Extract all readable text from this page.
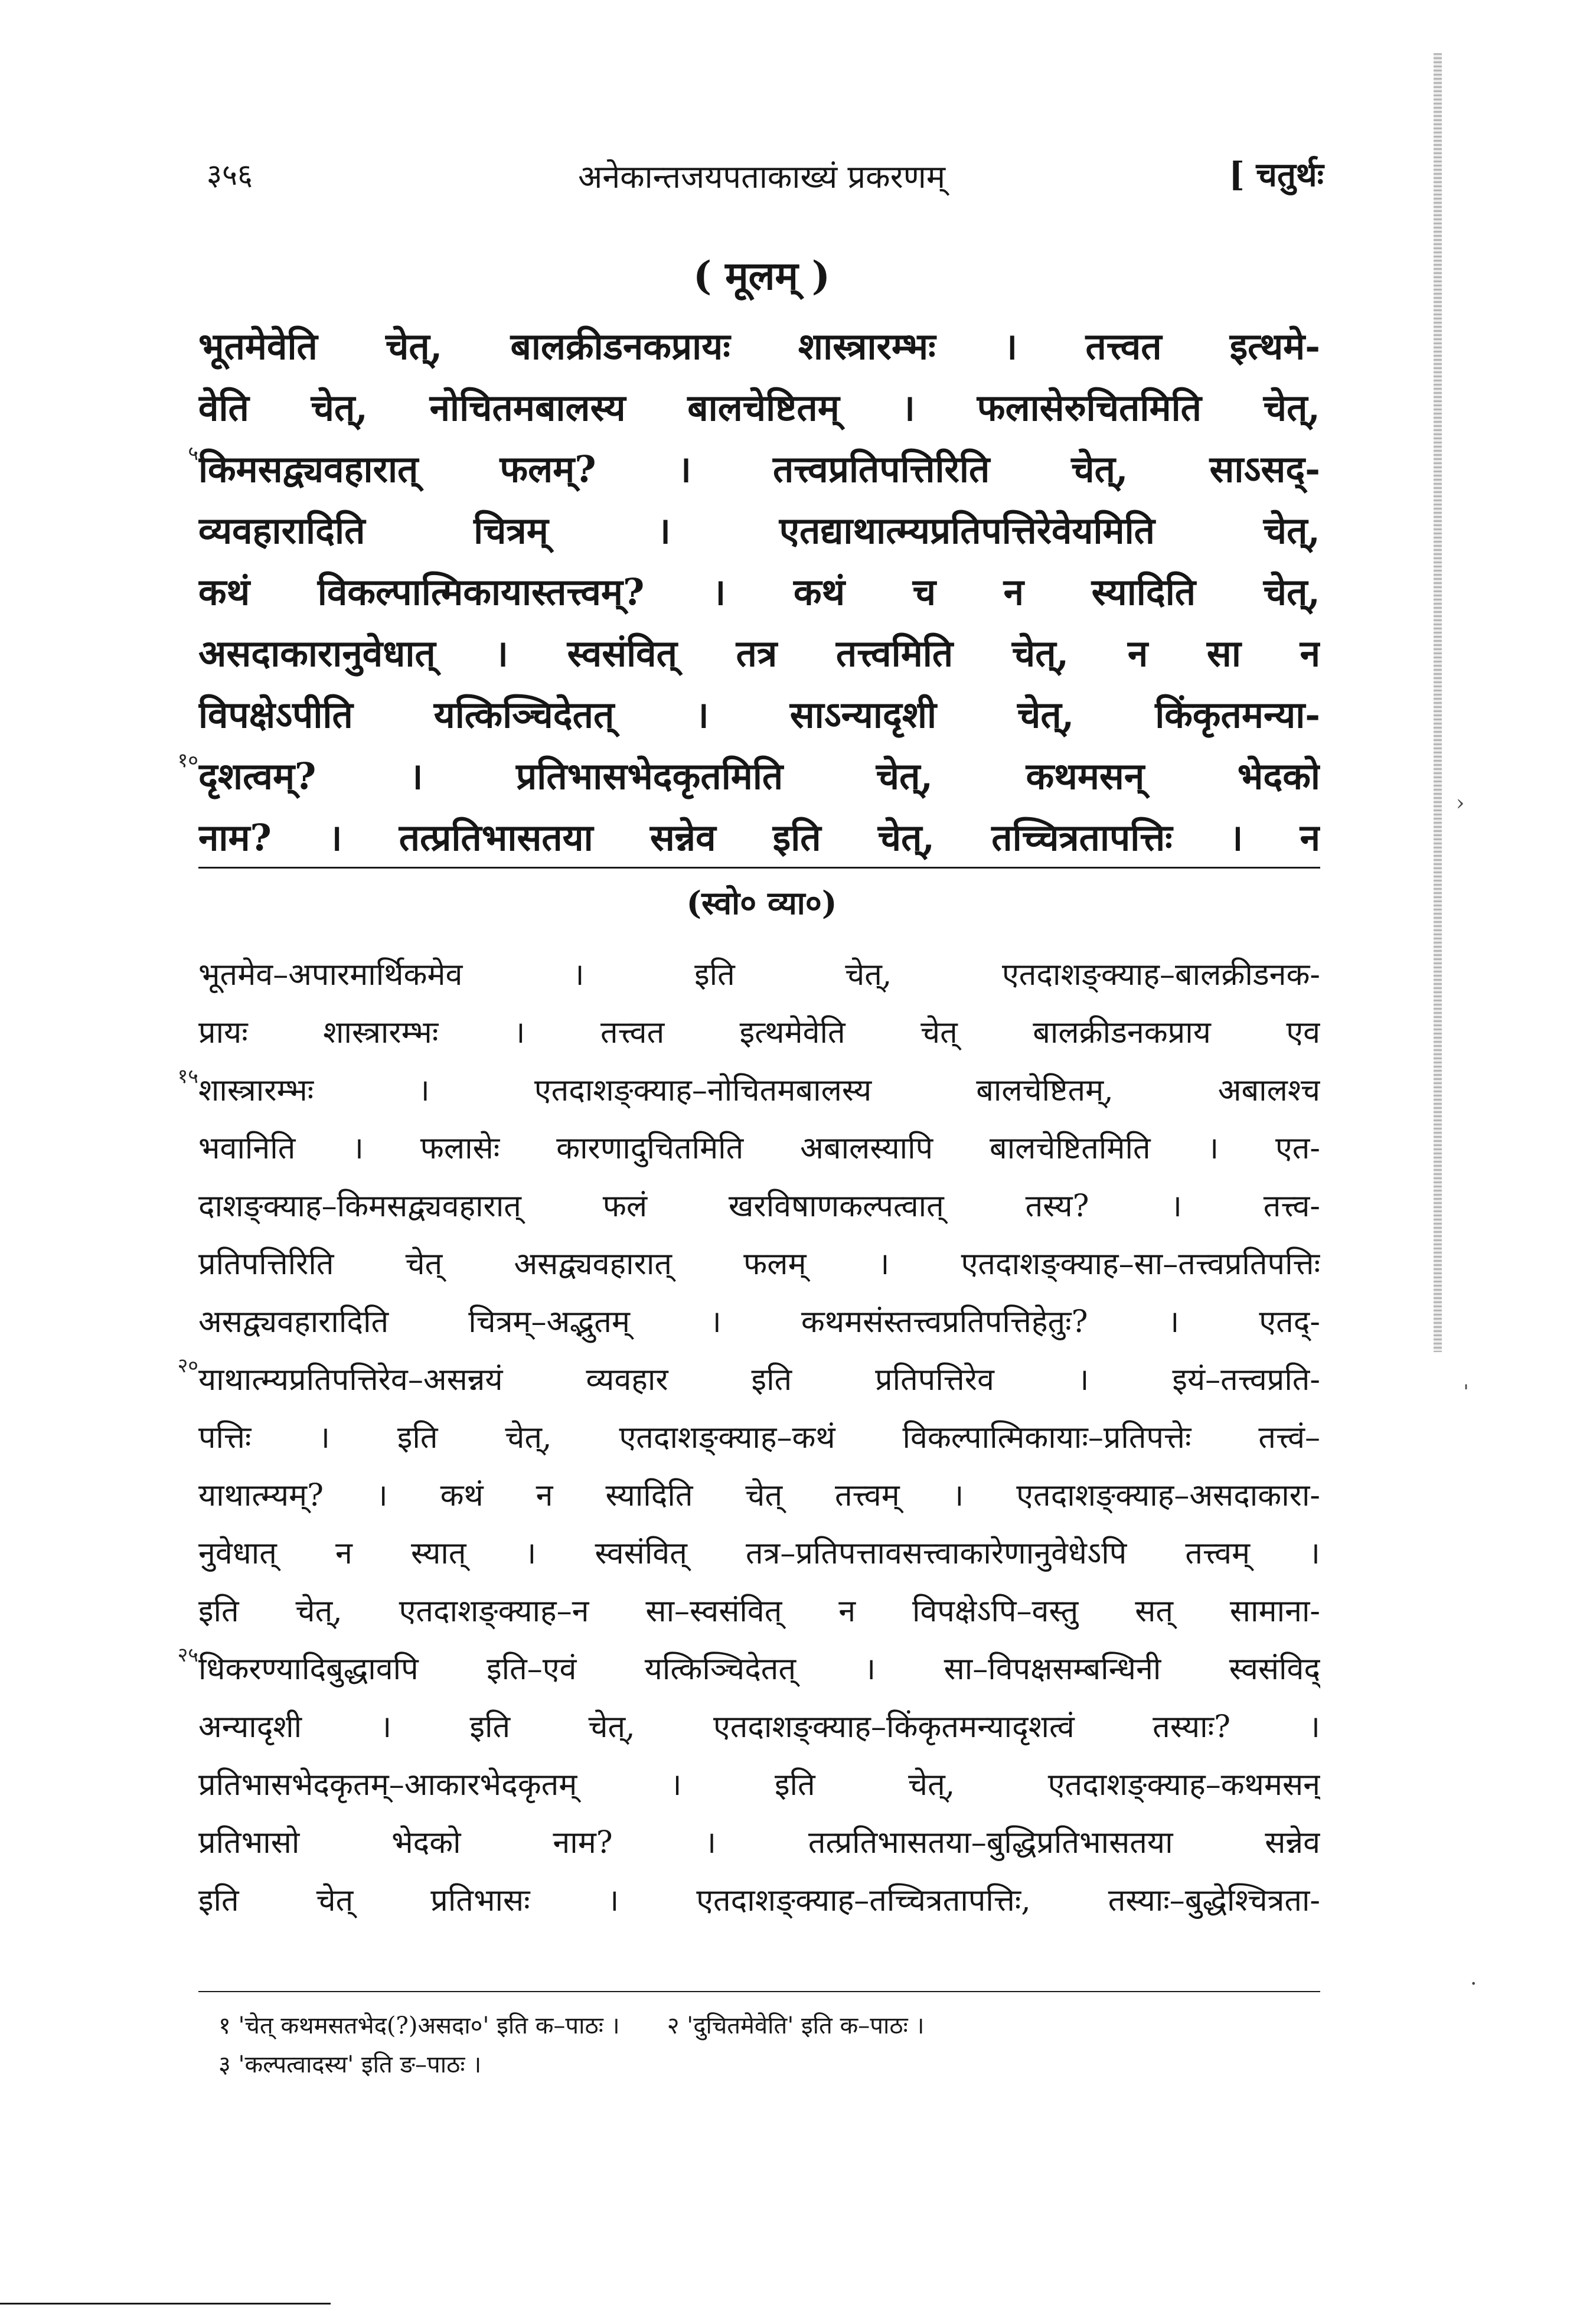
३५६	अनेकान्तजयपताकाख्यं प्रकरणम्	[ चतुर्थः
( मूलम् )
भूतमेवेति चेत्, बालक्रीडनकप्रायः शास्त्रारम्भः । तत्त्वत इत्थमे-
वेति चेत्, नोचितमबालस्य बालचेष्टितम् । फलासेरुचितमिति चेत्,
५ किमसद्व्यवहारात् फलम्? । तत्त्वप्रतिपत्तिरिति चेत्, साऽसद्-
व्यवहारादिति चित्रम् । एतद्याथात्म्यप्रतिपत्तिरेवेयमिति चेत्,
कथं विकल्पात्मिकायास्तत्त्वम्? । कथं च न स्यादिति चेत्,
असदाकारानुवेधात् । स्वसंवित् तत्र तत्त्वमिति चेत्, न सा न
विपक्षेऽपीति यत्किञ्चिदेतत् । साऽन्यादृशी चेत्, किंकृतमन्या-
१० दृशत्वम्? । प्रतिभासभेदकृतमिति चेत्, कथमसन् भेदको
नाम? । तत्प्रतिभासतया सन्नेव इति चेत्, तच्चित्रतापत्तिः । न
(स्वो० व्या०)
भूतमेव–अपारमार्थिकमेव । इति चेत्, एतदाशङ्क्याह–बालक्रीडनक-
प्रायः शास्त्रारम्भः । तत्त्वत इत्थमेवेति चेत् बालक्रीडनकप्राय एव
१५ शास्त्रारम्भः । एतदाशङ्क्याह–नोचितमबालस्य बालचेष्टितम्, अबालश्च
भवानिति । फलासेः कारणादुचितमिति अबालस्यापि बालचेष्टितमिति । एत-
दाशङ्क्याह–किमसद्व्यवहारात् फलं खरविषाणकल्पत्वात् तस्य? । तत्त्व-
प्रतिपत्तिरिति चेत् असद्व्यवहारात् फलम् । एतदाशङ्क्याह–सा–तत्त्वप्रतिपत्तिः
असद्व्यवहारादिति चित्रम्–अद्भुतम् । कथमसंस्तत्त्वप्रतिपत्तिहेतुः? । एतद्-
२० याथात्म्यप्रतिपत्तिरेव–असन्नयं व्यवहार इति प्रतिपत्तिरेव । इयं–तत्त्वप्रति-
पत्तिः । इति चेत्, एतदाशङ्क्याह–कथं विकल्पात्मिकायाः–प्रतिपत्तेः तत्त्वं–
याथात्म्यम्? । कथं न स्यादिति चेत् तत्त्वम् । एतदाशङ्क्याह–असदाकारा-
नुवेधात् न स्यात् । स्वसंवित् तत्र–प्रतिपत्तावसत्त्वाकारेणानुवेधेऽपि तत्त्वम् ।
इति चेत्, एतदाशङ्क्याह–न सा–स्वसंवित् न विपक्षेऽपि–वस्तु सत् सामाना-
२५ धिकरण्यादिबुद्धावपि इति–एवं यत्किञ्चिदेतत् । सा–विपक्षसम्बन्धिनी स्वसंविद्
अन्यादृशी । इति चेत्, एतदाशङ्क्याह–किंकृतमन्यादृशत्वं तस्याः? ।
प्रतिभासभेदकृतम्–आकारभेदकृतम् । इति चेत्, एतदाशङ्क्याह–कथमसन्
प्रतिभासो भेदको नाम? । तत्प्रतिभासतया–बुद्धिप्रतिभासतया सन्नेव
इति चेत् प्रतिभासः । एतदाशङ्क्याह–तच्चित्रतापत्तिः, तस्याः–बुद्धेश्चित्रता-
१ 'चेत् कथमसतभेद(?)असदा०' इति क–पाठः । २ 'दुचितमेवेति' इति क–पाठः ।
३ 'कल्पत्वादस्य' इति ङ–पाठः ।
›
ˈ
·
